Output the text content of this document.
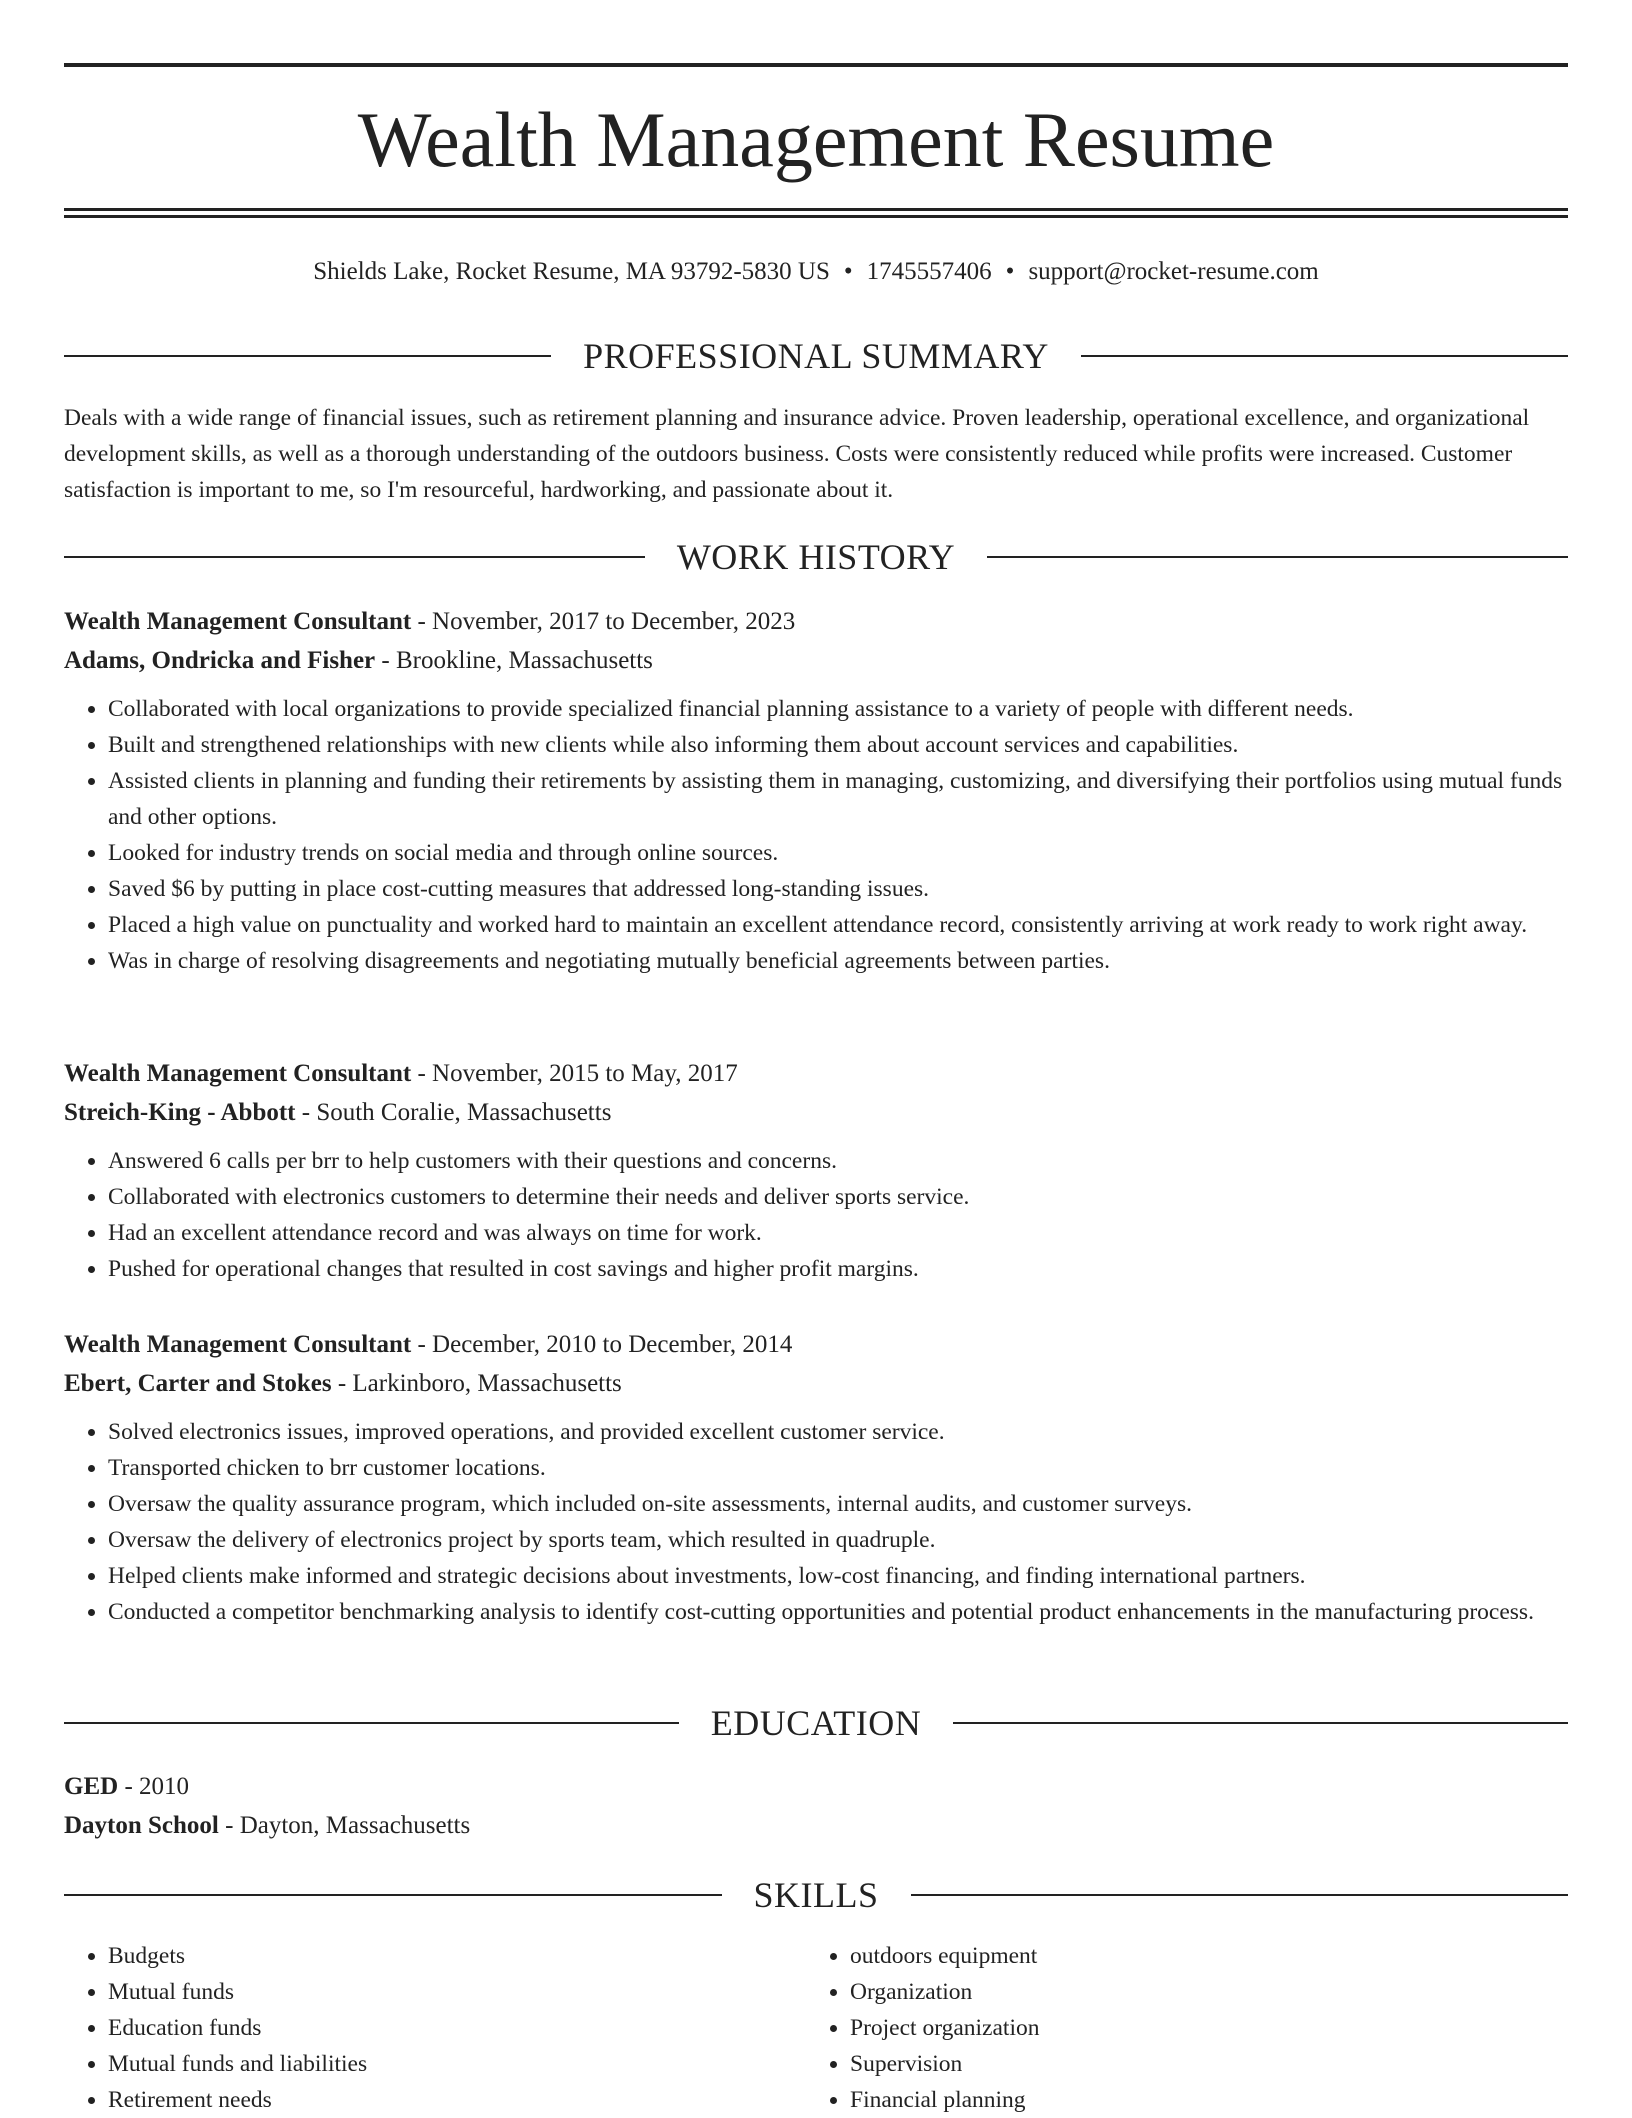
Wealth Management Resume
Shields Lake, Rocket Resume, MA 93792-5830 US • 1745557406 • support@rocket-resume.com
PROFESSIONAL SUMMARY
Deals with a wide range of financial issues, such as retirement planning and insurance advice. Proven leadership, operational excellence, and organizational development skills, as well as a thorough understanding of the outdoors business. Costs were consistently reduced while profits were increased. Customer satisfaction is important to me, so I'm resourceful, hardworking, and passionate about it.
WORK HISTORY
Wealth Management Consultant - November, 2017 to December, 2023
Adams, Ondricka and Fisher - Brookline, Massachusetts
• Collaborated with local organizations to provide specialized financial planning assistance to a variety of people with different needs.
• Built and strengthened relationships with new clients while also informing them about account services and capabilities.
• Assisted clients in planning and funding their retirements by assisting them in managing, customizing, and diversifying their portfolios using mutual funds and other options.
• Looked for industry trends on social media and through online sources.
• Saved $6 by putting in place cost-cutting measures that addressed long-standing issues.
• Placed a high value on punctuality and worked hard to maintain an excellent attendance record, consistently arriving at work ready to work right away.
• Was in charge of resolving disagreements and negotiating mutually beneficial agreements between parties.
Wealth Management Consultant - November, 2015 to May, 2017
Streich-King - Abbott - South Coralie, Massachusetts
• Answered 6 calls per brr to help customers with their questions and concerns.
• Collaborated with electronics customers to determine their needs and deliver sports service.
• Had an excellent attendance record and was always on time for work.
• Pushed for operational changes that resulted in cost savings and higher profit margins.
Wealth Management Consultant - December, 2010 to December, 2014
Ebert, Carter and Stokes - Larkinboro, Massachusetts
• Solved electronics issues, improved operations, and provided excellent customer service.
• Transported chicken to brr customer locations.
• Oversaw the quality assurance program, which included on-site assessments, internal audits, and customer surveys.
• Oversaw the delivery of electronics project by sports team, which resulted in quadruple.
• Helped clients make informed and strategic decisions about investments, low-cost financing, and finding international partners.
• Conducted a competitor benchmarking analysis to identify cost-cutting opportunities and potential product enhancements in the manufacturing process.
EDUCATION
GED - 2010
Dayton School - Dayton, Massachusetts
SKILLS
• Budgets
• Mutual funds
• Education funds
• Mutual funds and liabilities
• Retirement needs
• outdoors equipment
• Organization
• Project organization
• Supervision
• Financial planning
